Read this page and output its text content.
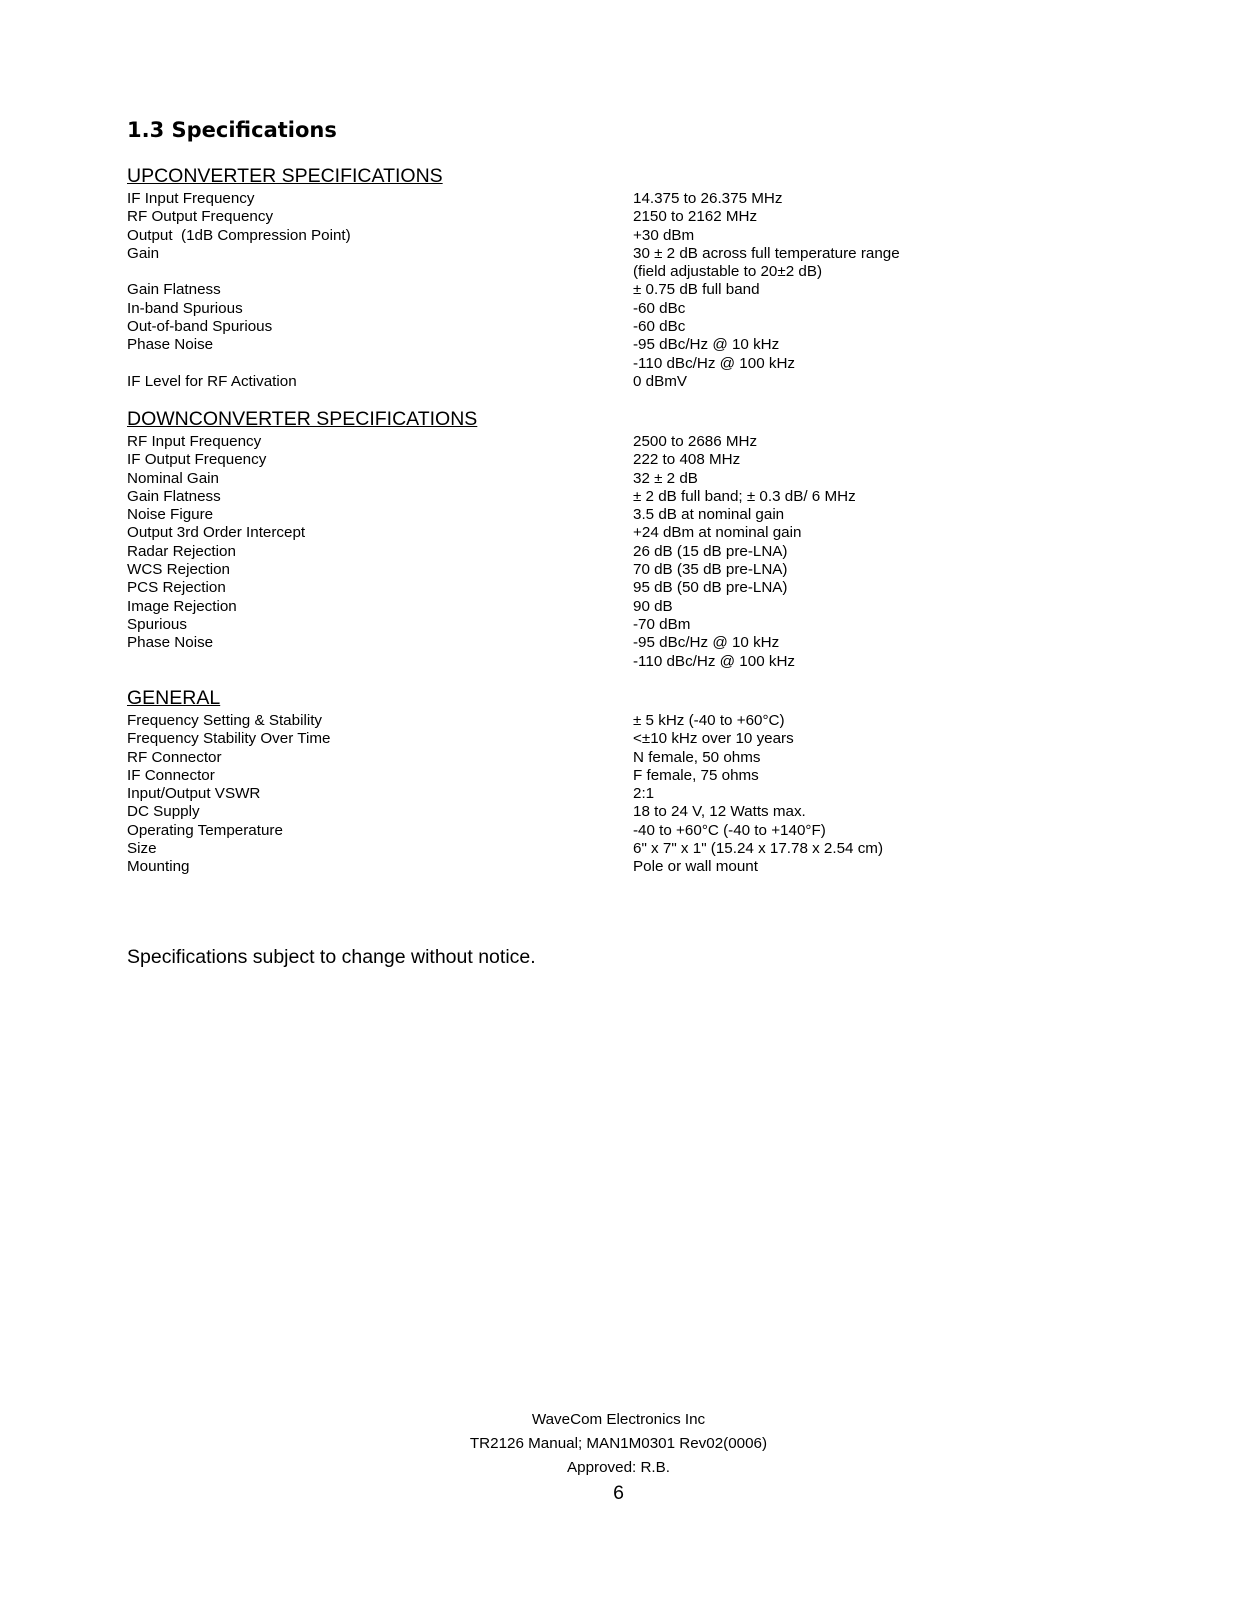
1.3 Specifications
UPCONVERTER SPECIFICATIONS
IF Input Frequency	14.375 to 26.375 MHz
RF Output Frequency	2150 to 2162 MHz
Output  (1dB Compression Point)	+30 dBm
Gain	30 ± 2 dB across full temperature range
(field adjustable to 20±2 dB)
Gain Flatness	± 0.75 dB full band
In-band Spurious	-60 dBc
Out-of-band Spurious	-60 dBc
Phase Noise	-95 dBc/Hz @ 10 kHz
-110 dBc/Hz @ 100 kHz
IF Level for RF Activation	0 dBmV
DOWNCONVERTER SPECIFICATIONS
RF Input Frequency	2500 to 2686 MHz
IF Output Frequency	222 to 408 MHz
Nominal Gain	32 ± 2 dB
Gain Flatness	± 2 dB full band; ± 0.3 dB/ 6 MHz
Noise Figure	3.5 dB at nominal gain
Output 3rd Order Intercept	+24 dBm at nominal gain
Radar Rejection	26 dB (15 dB pre-LNA)
WCS Rejection	70 dB (35 dB pre-LNA)
PCS Rejection	95 dB (50 dB pre-LNA)
Image Rejection	90 dB
Spurious	-70 dBm
Phase Noise	-95 dBc/Hz @ 10 kHz
-110 dBc/Hz @ 100 kHz
GENERAL
Frequency Setting & Stability	± 5 kHz (-40 to +60°C)
Frequency Stability Over Time	<±10 kHz over 10 years
RF Connector	N female, 50 ohms
IF Connector	F female, 75 ohms
Input/Output VSWR	2:1
DC Supply	18 to 24 V, 12 Watts max.
Operating Temperature	-40 to +60°C (-40 to +140°F)
Size	6" x 7" x 1" (15.24 x 17.78 x 2.54 cm)
Mounting	Pole or wall mount

Specifications subject to change without notice.

WaveCom Electronics Inc
TR2126 Manual; MAN1M0301 Rev02(0006)
Approved: R.B.
6
